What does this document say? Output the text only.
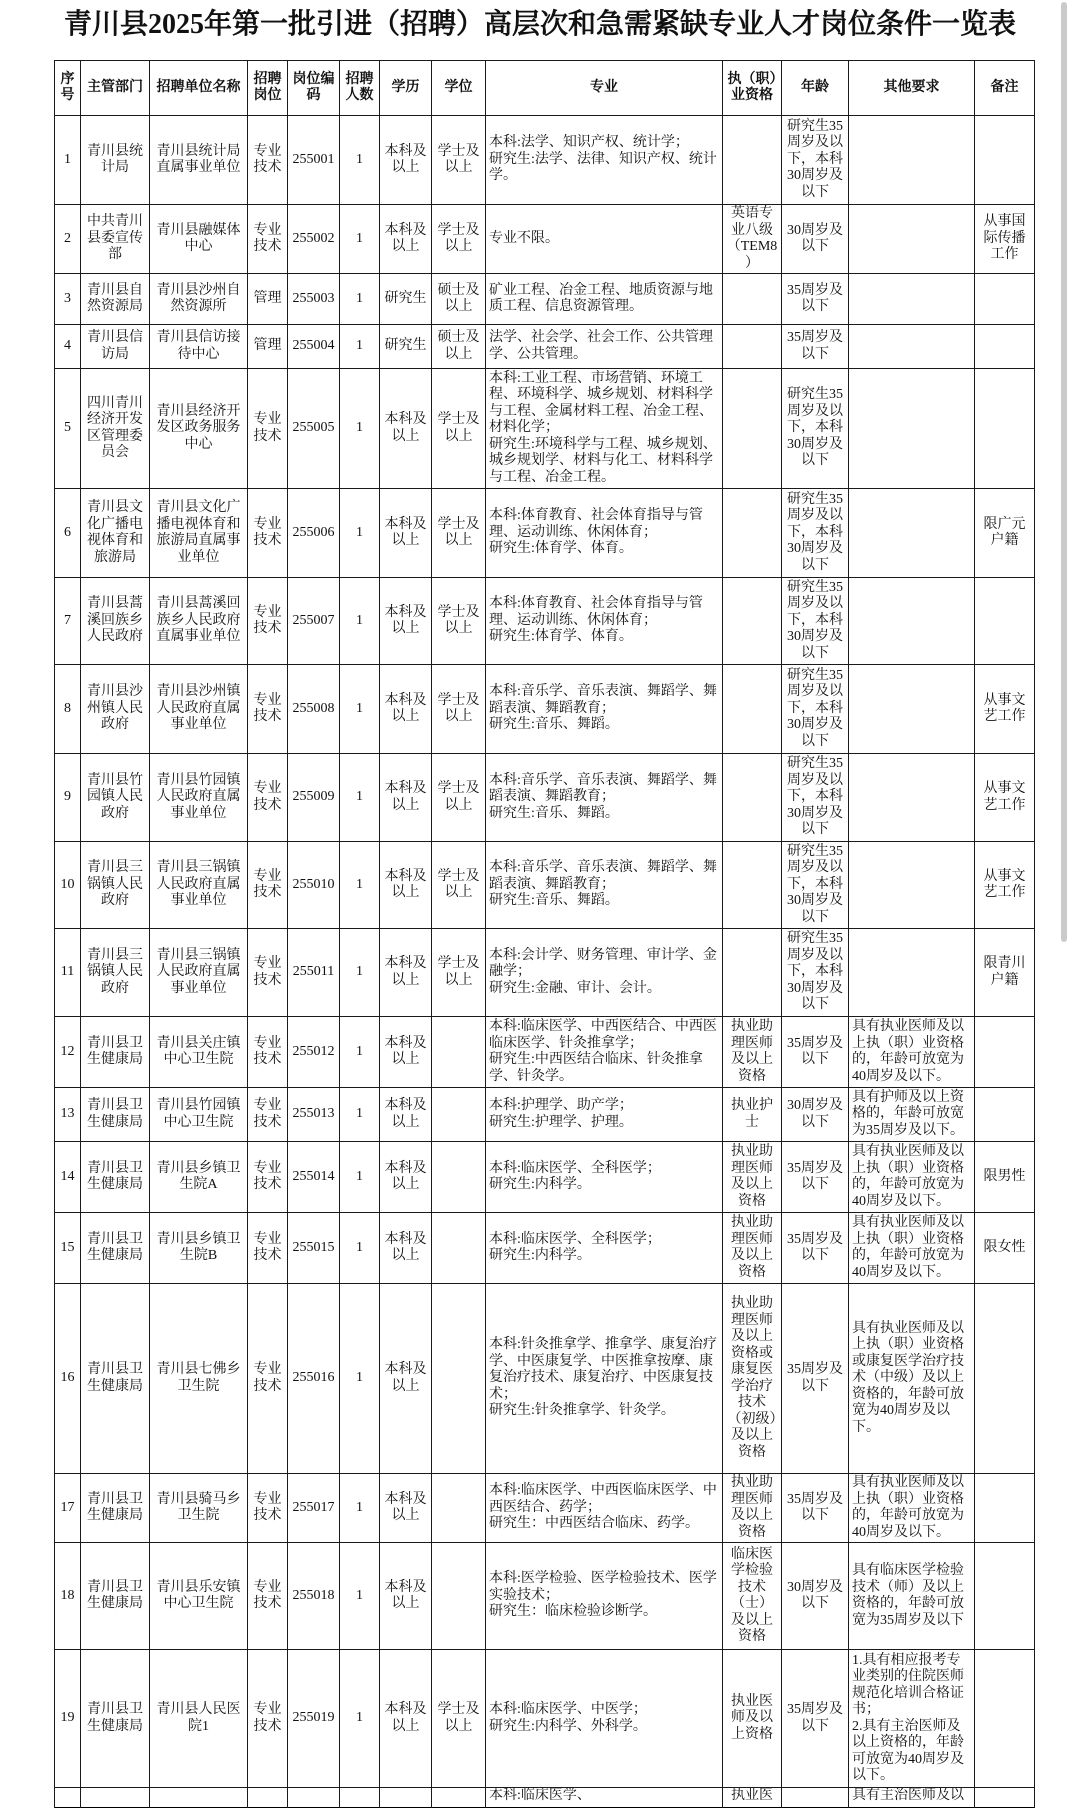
青川县2025年第一批引进（招聘）高层次和急需紧缺专业人才岗位条件一览表
序号	主管部门	招聘单位名称	招聘岗位	岗位编码	招聘人数	学历	学位	专业	执（职）业资格	年龄	其他要求	备注
1	青川县统计局	青川县统计局直属事业单位	专业技术	255001	1	本科及以上	学士及以上	本科:法学、知识产权、统计学；
研究生:法学、法律、知识产权、统计学。		研究生35周岁及以下，本科30周岁及以下		
2	中共青川县委宣传部	青川县融媒体中心	专业技术	255002	1	本科及以上	学士及以上	专业不限。	英语专业八级（TEM8）	30周岁及以下		从事国际传播工作
3	青川县自然资源局	青川县沙州自然资源所	管理	255003	1	研究生	硕士及以上	矿业工程、冶金工程、地质资源与地质工程、信息资源管理。		35周岁及以下		
4	青川县信访局	青川县信访接待中心	管理	255004	1	研究生	硕士及以上	法学、社会学、社会工作、公共管理学、公共管理。		35周岁及以下		
5	四川青川经济开发区管理委员会	青川县经济开发区政务服务中心	专业技术	255005	1	本科及以上	学士及以上	本科:工业工程、市场营销、环境工程、环境科学、城乡规划、材料科学与工程、金属材料工程、冶金工程、材料化学；
研究生:环境科学与工程、城乡规划、城乡规划学、材料与化工、材料科学与工程、冶金工程。		研究生35周岁及以下，本科30周岁及以下		
6	青川县文化广播电视体育和旅游局	青川县文化广播电视体育和旅游局直属事业单位	专业技术	255006	1	本科及以上	学士及以上	本科:体育教育、社会体育指导与管理、运动训练、休闲体育；
研究生:体育学、体育。		研究生35周岁及以下，本科30周岁及以下		限广元户籍
7	青川县蒿溪回族乡人民政府	青川县蒿溪回族乡人民政府直属事业单位	专业技术	255007	1	本科及以上	学士及以上	本科:体育教育、社会体育指导与管理、运动训练、休闲体育；
研究生:体育学、体育。		研究生35周岁及以下，本科30周岁及以下		
8	青川县沙州镇人民政府	青川县沙州镇人民政府直属事业单位	专业技术	255008	1	本科及以上	学士及以上	本科:音乐学、音乐表演、舞蹈学、舞蹈表演、舞蹈教育；
研究生:音乐、舞蹈。		研究生35周岁及以下，本科30周岁及以下		从事文艺工作
9	青川县竹园镇人民政府	青川县竹园镇人民政府直属事业单位	专业技术	255009	1	本科及以上	学士及以上	本科:音乐学、音乐表演、舞蹈学、舞蹈表演、舞蹈教育；
研究生:音乐、舞蹈。		研究生35周岁及以下，本科30周岁及以下		从事文艺工作
10	青川县三锅镇人民政府	青川县三锅镇人民政府直属事业单位	专业技术	255010	1	本科及以上	学士及以上	本科:音乐学、音乐表演、舞蹈学、舞蹈表演、舞蹈教育；
研究生:音乐、舞蹈。		研究生35周岁及以下，本科30周岁及以下		从事文艺工作
11	青川县三锅镇人民政府	青川县三锅镇人民政府直属事业单位	专业技术	255011	1	本科及以上	学士及以上	本科:会计学、财务管理、审计学、金融学；
研究生:金融、审计、会计。		研究生35周岁及以下，本科30周岁及以下		限青川户籍
12	青川县卫生健康局	青川县关庄镇中心卫生院	专业技术	255012	1	本科及以上		本科:临床医学、中西医结合、中西医临床医学、针灸推拿学；
研究生:中西医结合临床、针灸推拿学、针灸学。	执业助理医师及以上资格	35周岁及以下	具有执业医师及以上执（职）业资格的，年龄可放宽为40周岁及以下。	
13	青川县卫生健康局	青川县竹园镇中心卫生院	专业技术	255013	1	本科及以上		本科:护理学、助产学；
研究生:护理学、护理。	执业护士	30周岁及以下	具有护师及以上资格的，年龄可放宽为35周岁及以下。	
14	青川县卫生健康局	青川县乡镇卫生院A	专业技术	255014	1	本科及以上		本科:临床医学、全科医学；
研究生:内科学。	执业助理医师及以上资格	35周岁及以下	具有执业医师及以上执（职）业资格的，年龄可放宽为40周岁及以下。	限男性
15	青川县卫生健康局	青川县乡镇卫生院B	专业技术	255015	1	本科及以上		本科:临床医学、全科医学；
研究生:内科学。	执业助理医师及以上资格	35周岁及以下	具有执业医师及以上执（职）业资格的，年龄可放宽为40周岁及以下。	限女性
16	青川县卫生健康局	青川县七佛乡卫生院	专业技术	255016	1	本科及以上		本科:针灸推拿学、推拿学、康复治疗学、中医康复学、中医推拿按摩、康复治疗技术、康复治疗、中医康复技术；
研究生:针灸推拿学、针灸学。	执业助理医师及以上资格或康复医学治疗技术（初级）及以上资格	35周岁及以下	具有执业医师及以上执（职）业资格或康复医学治疗技术（中级）及以上资格的，年龄可放宽为40周岁及以下。	
17	青川县卫生健康局	青川县骑马乡卫生院	专业技术	255017	1	本科及以上		本科:临床医学、中西医临床医学、中西医结合、药学；
研究生：中西医结合临床、药学。	执业助理医师及以上资格	35周岁及以下	具有执业医师及以上执（职）业资格的，年龄可放宽为40周岁及以下。	
18	青川县卫生健康局	青川县乐安镇中心卫生院	专业技术	255018	1	本科及以上		本科:医学检验、医学检验技术、医学实验技术；
研究生：临床检验诊断学。	临床医学检验技术（士）及以上资格	30周岁及以下	具有临床医学检验技术（师）及以上资格的，年龄可放宽为35周岁及以下	
19	青川县卫生健康局	青川县人民医院1	专业技术	255019	1	本科及以上	学士及以上	本科:临床医学、中医学；
研究生:内科学、外科学。	执业医师及以上资格	35周岁及以下	1.具有相应报考专业类别的住院医师规范化培训合格证书；
2.具有主治医师及以上资格的，年龄可放宽为40周岁及以下。	

								本科:临床医学、	执业医		具有主治医师及以	
